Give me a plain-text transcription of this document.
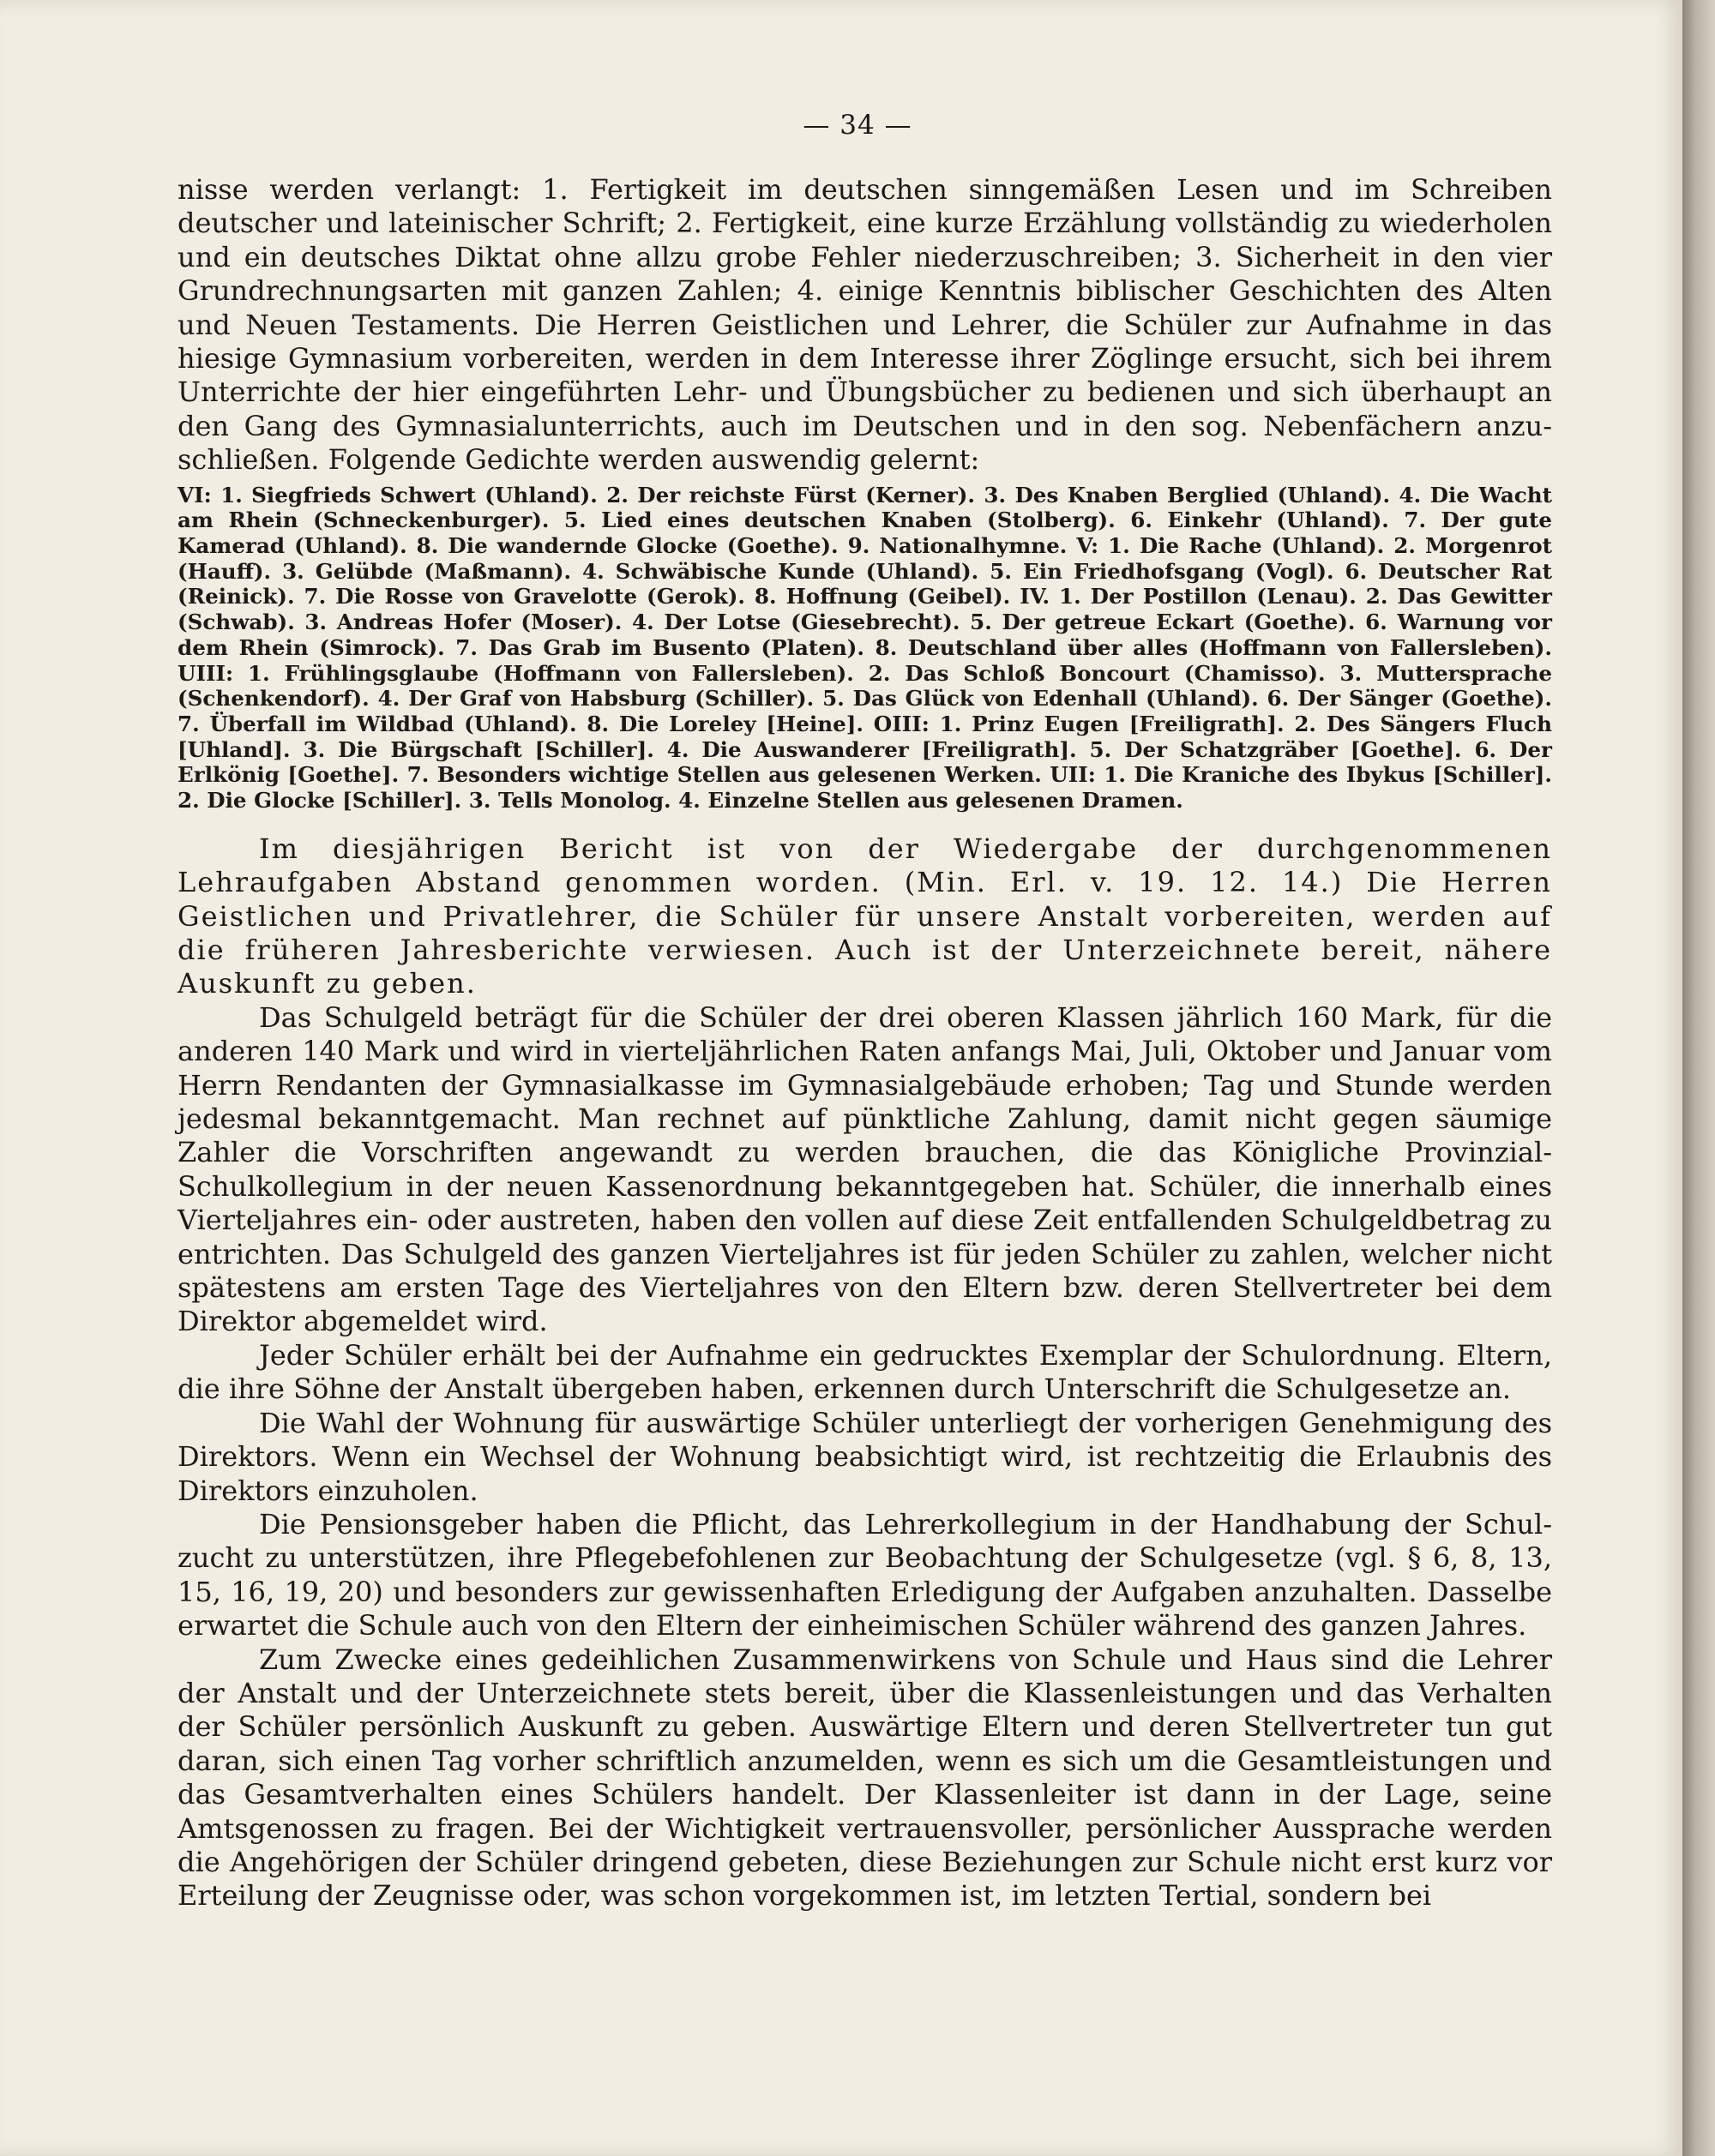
— 34 —

nisse werden verlangt: 1. Fertigkeit im deutschen sinngemäßen Lesen und im Schreiben deutscher und lateinischer Schrift; 2. Fertigkeit, eine kurze Erzählung vollständig zu wiederholen und ein deutsches Diktat ohne allzu grobe Fehler niederzuschreiben; 3. Sicherheit in den vier Grundrechnungsarten mit ganzen Zahlen; 4. einige Kenntnis biblischer Geschichten des Alten und Neuen Testaments. Die Herren Geistlichen und Lehrer, die Schüler zur Aufnahme in das hiesige Gymnasium vorbereiten, werden in dem Interesse ihrer Zöglinge ersucht, sich bei ihrem Unterrichte der hier eingeführten Lehr- und Übungsbücher zu bedienen und sich überhaupt an den Gang des Gymnasialunterrichts, auch im Deutschen und in den sog. Nebenfächern anzuschließen. Folgende Gedichte werden auswendig gelernt:

VI: 1. Siegfrieds Schwert (Uhland). 2. Der reichste Fürst (Kerner). 3. Des Knaben Berglied (Uhland). 4. Die Wacht am Rhein (Schneckenburger). 5. Lied eines deutschen Knaben (Stolberg). 6. Einkehr (Uhland). 7. Der gute Kamerad (Uhland). 8. Die wandernde Glocke (Goethe). 9. Nationalhymne. V: 1. Die Rache (Uhland). 2. Morgenrot (Hauff). 3. Gelübde (Maßmann). 4. Schwäbische Kunde (Uhland). 5. Ein Friedhofsgang (Vogl). 6. Deutscher Rat (Reinick). 7. Die Rosse von Gravelotte (Gerok). 8. Hoffnung (Geibel). IV. 1. Der Postillon (Lenau). 2. Das Gewitter (Schwab). 3. Andreas Hofer (Moser). 4. Der Lotse (Giesebrecht). 5. Der getreue Eckart (Goethe). 6. Warnung vor dem Rhein (Simrock). 7. Das Grab im Busento (Platen). 8. Deutschland über alles (Hoffmann von Fallersleben). UIII: 1. Frühlingsglaube (Hoffmann von Fallersleben). 2. Das Schloß Boncourt (Chamisso). 3. Muttersprache (Schenkendorf). 4. Der Graf von Habsburg (Schiller). 5. Das Glück von Edenhall (Uhland). 6. Der Sänger (Goethe). 7. Überfall im Wildbad (Uhland). 8. Die Loreley [Heine]. OIII: 1. Prinz Eugen [Freiligrath]. 2. Des Sängers Fluch [Uhland]. 3. Die Bürgschaft [Schiller]. 4. Die Auswanderer [Freiligrath]. 5. Der Schatzgräber [Goethe]. 6. Der Erlkönig [Goethe]. 7. Besonders wichtige Stellen aus gelesenen Werken. UII: 1. Die Kraniche des Ibykus [Schiller]. 2. Die Glocke [Schiller]. 3. Tells Monolog. 4. Einzelne Stellen aus gelesenen Dramen.

Im diesjährigen Bericht ist von der Wiedergabe der durchgenommenen Lehraufgaben Abstand genommen worden. (Min. Erl. v. 19. 12. 14.) Die Herren Geistlichen und Privatlehrer, die Schüler für unsere Anstalt vorbereiten, werden auf die früheren Jahresberichte verwiesen. Auch ist der Unterzeichnete bereit, nähere Auskunft zu geben.

Das Schulgeld beträgt für die Schüler der drei oberen Klassen jährlich 160 Mark, für die anderen 140 Mark und wird in vierteljährlichen Raten anfangs Mai, Juli, Oktober und Januar vom Herrn Rendanten der Gymnasialkasse im Gymnasialgebäude erhoben; Tag und Stunde werden jedesmal bekanntgemacht. Man rechnet auf pünktliche Zahlung, damit nicht gegen säumige Zahler die Vorschriften angewandt zu werden brauchen, die das Königliche Provinzial-Schulkollegium in der neuen Kassenordnung bekanntgegeben hat. Schüler, die innerhalb eines Vierteljahres ein- oder austreten, haben den vollen auf diese Zeit entfallenden Schulgeldbetrag zu entrichten. Das Schulgeld des ganzen Vierteljahres ist für jeden Schüler zu zahlen, welcher nicht spätestens am ersten Tage des Vierteljahres von den Eltern bzw. deren Stellvertreter bei dem Direktor abgemeldet wird.

Jeder Schüler erhält bei der Aufnahme ein gedrucktes Exemplar der Schulordnung. Eltern, die ihre Söhne der Anstalt übergeben haben, erkennen durch Unterschrift die Schulgesetze an.

Die Wahl der Wohnung für auswärtige Schüler unterliegt der vorherigen Genehmigung des Direktors. Wenn ein Wechsel der Wohnung beabsichtigt wird, ist rechtzeitig die Erlaubnis des Direktors einzuholen.

Die Pensionsgeber haben die Pflicht, das Lehrerkollegium in der Handhabung der Schulzucht zu unterstützen, ihre Pflegebefohlenen zur Beobachtung der Schulgesetze (vgl. § 6, 8, 13, 15, 16, 19, 20) und besonders zur gewissenhaften Erledigung der Aufgaben anzuhalten. Dasselbe erwartet die Schule auch von den Eltern der einheimischen Schüler während des ganzen Jahres.

Zum Zwecke eines gedeihlichen Zusammenwirkens von Schule und Haus sind die Lehrer der Anstalt und der Unterzeichnete stets bereit, über die Klassenleistungen und das Verhalten der Schüler persönlich Auskunft zu geben. Auswärtige Eltern und deren Stellvertreter tun gut daran, sich einen Tag vorher schriftlich anzumelden, wenn es sich um die Gesamtleistungen und das Gesamtverhalten eines Schülers handelt. Der Klassenleiter ist dann in der Lage, seine Amtsgenossen zu fragen. Bei der Wichtigkeit vertrauensvoller, persönlicher Aussprache werden die Angehörigen der Schüler dringend gebeten, diese Beziehungen zur Schule nicht erst kurz vor Erteilung der Zeugnisse oder, was schon vorgekommen ist, im letzten Tertial, sondern bei
